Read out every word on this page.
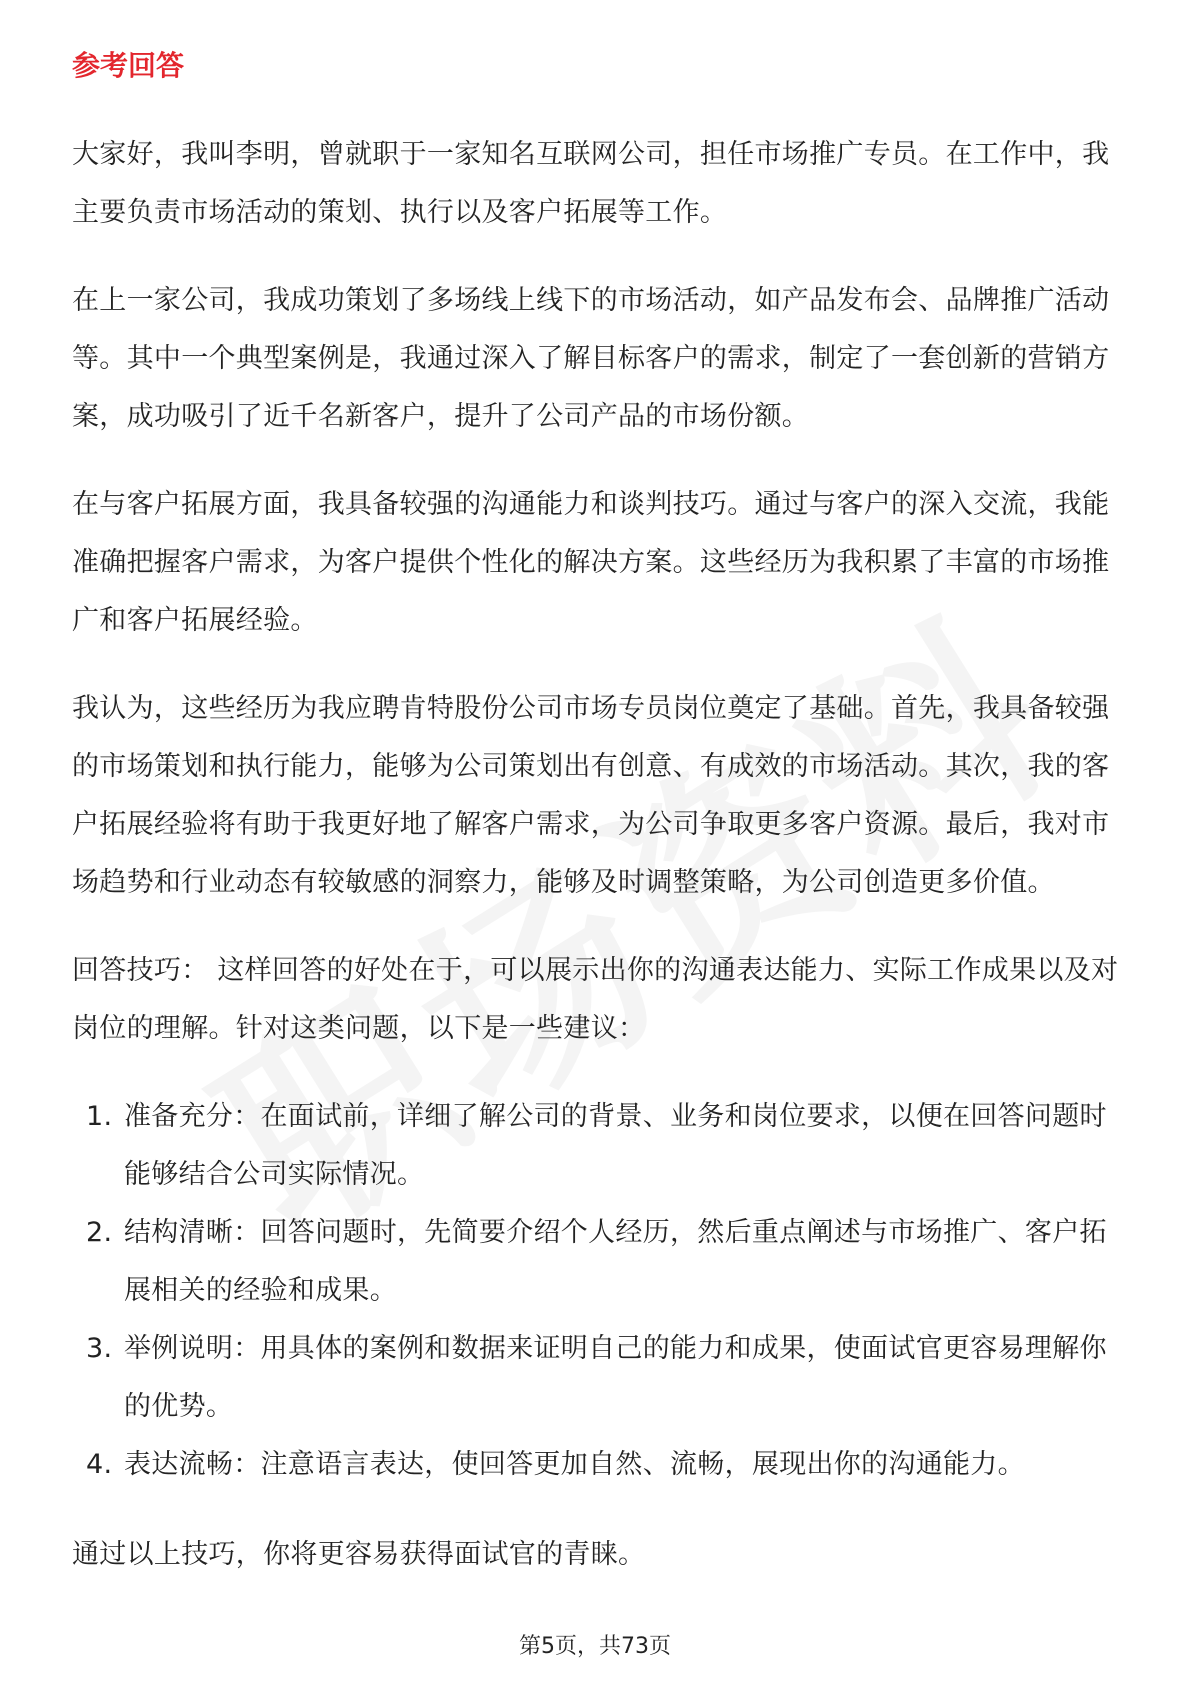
参考回答

大家好，我叫李明，曾就职于一家知名互联网公司，担任市场推广专员。在工作中，我主要负责市场活动的策划、执行以及客户拓展等工作。

在上一家公司，我成功策划了多场线上线下的市场活动，如产品发布会、品牌推广活动等。其中一个典型案例是，我通过深入了解目标客户的需求，制定了一套创新的营销方案，成功吸引了近千名新客户，提升了公司产品的市场份额。

在与客户拓展方面，我具备较强的沟通能力和谈判技巧。通过与客户的深入交流，我能准确把握客户需求，为客户提供个性化的解决方案。这些经历为我积累了丰富的市场推广和客户拓展经验。

我认为，这些经历为我应聘肯特股份公司市场专员岗位奠定了基础。首先，我具备较强的市场策划和执行能力，能够为公司策划出有创意、有成效的市场活动。其次，我的客户拓展经验将有助于我更好地了解客户需求，为公司争取更多客户资源。最后，我对市场趋势和行业动态有较敏感的洞察力，能够及时调整策略，为公司创造更多价值。

回答技巧： 这样回答的好处在于，可以展示出你的沟通表达能力、实际工作成果以及对岗位的理解。针对这类问题，以下是一些建议：

1. 准备充分：在面试前，详细了解公司的背景、业务和岗位要求，以便在回答问题时能够结合公司实际情况。
2. 结构清晰：回答问题时，先简要介绍个人经历，然后重点阐述与市场推广、客户拓展相关的经验和成果。
3. 举例说明：用具体的案例和数据来证明自己的能力和成果，使面试官更容易理解你的优势。
4. 表达流畅：注意语言表达，使回答更加自然、流畅，展现出你的沟通能力。

通过以上技巧，你将更容易获得面试官的青睐。

第5页，共73页
